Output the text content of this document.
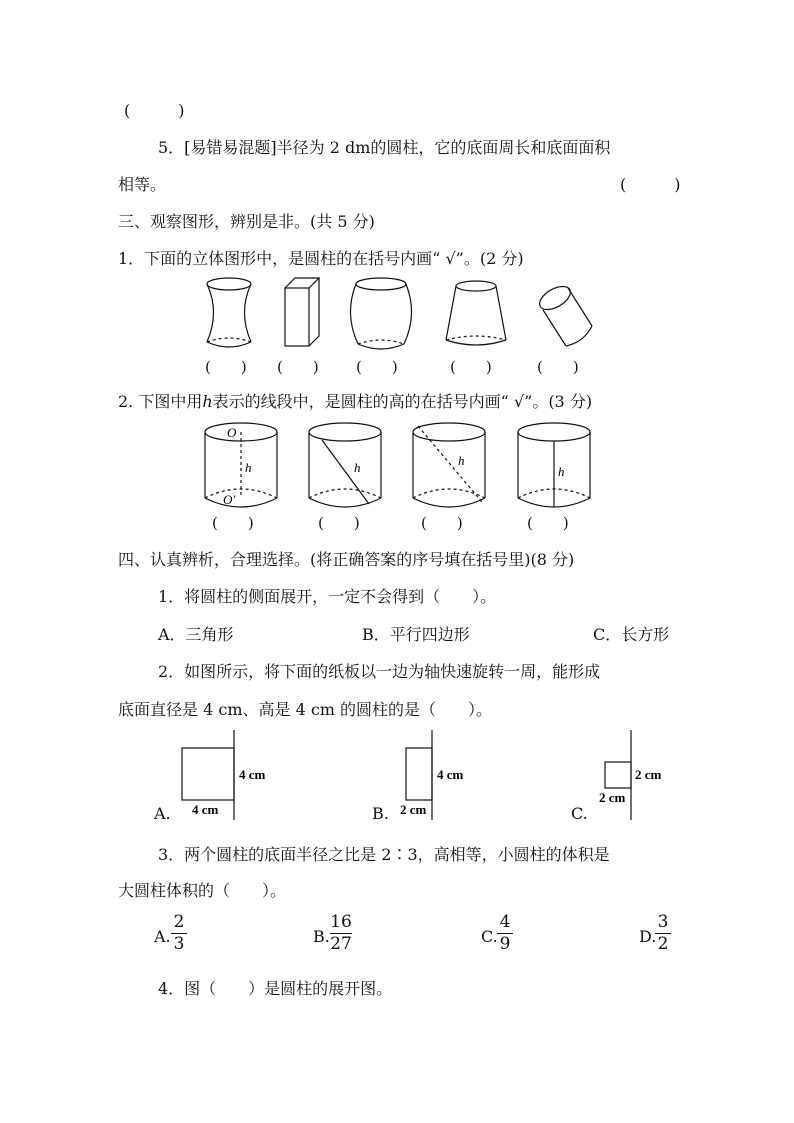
(　　　)
5．[易错易混题]半径为 2 dm的圆柱，它的底面周长和底面面积
相等。	(　　　)
三、观察图形，辨别是非。(共 5 分)
1．下面的立体图形中，是圆柱的在括号内画“ √”。(2 分)
(　　) (　　) (　　)	(　　)	(　　)
2. 下图中用h表示的线段中，是圆柱的高的在括号内画“ √”。(3 分)
O
O′
h	h	h
h
(　　)	(　　)	(　　)	(　　)
四、认真辨析，合理选择。(将正确答案的序号填在括号里)(8 分)
1．将圆柱的侧面展开，一定不会得到（　　）。
A．三角形	B．平行四边形	C．长方形
2．如图所示，将下面的纸板以一边为轴快速旋转一周，能形成
底面直径是 4 cm、高是 4 cm 的圆柱的是（　　）。
4 cm
4 cm
4 cm
2 cm
2 cm
2 cm
A.	B.	C.
3．两个圆柱的底面半径之比是 2∶3，高相等，小圆柱的体积是
大圆柱体积的（　　）。
A.
2
3	B.
16
27	C.
4
9	D.
3
2
4．图（　　）是圆柱的展开图。
